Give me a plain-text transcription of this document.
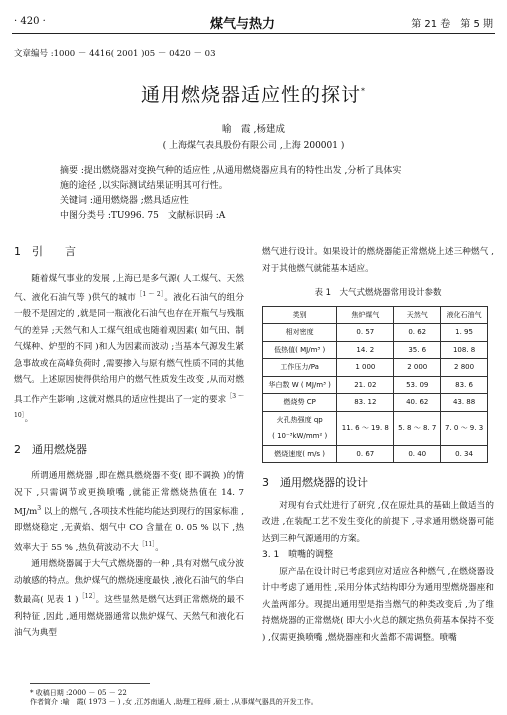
· 420 ·	煤气与热力	第 21 卷　第 5 期
文章编号 :1000 － 4416( 2001 )05 － 0420 － 03
通用燃烧器适应性的探讨*
喻　霞 ,杨建成
( 上海煤气表具股份有限公司 ,上海 200001 )

摘要 :提出燃烧器对变换气种的适应性 ,从通用燃烧器应具有的特性出发 ,分析了具体实

施的途径 ,以实际测试结果证明其可行性。

关键词 :通用燃烧器 ;燃具适应性

中图分类号 :TU996. 75　文献标识码 :A

1　引　　言

随着煤气事业的发展 ,上海已是多气源( 人工煤气、天然气、液化石油气等 )供气的城市$^{[1 \sim 2]}$。液化石油气的组分一般不是固定的 ,就是同一瓶液化石油气也存在开瓶气与残瓶气的差异 ;天然气和人工煤气组成也随着观因素( 如气田、制气煤种、炉型的不同 )和人为因素而波动 ;当基本气源发生紧急事故或在高峰负荷时 ,需要掺入与原有燃气性质不同的其他燃气。上述原因使得供给用户的燃气性质发生改变 ,从而对燃具工作产生影响 ,这就对燃具的适应性提出了一定的要求$^{[3 \sim 10]}$。

2　通用燃烧器

所谓通用燃烧器 ,即在燃具燃烧器不变( 即不调换 )的情况下 ,只需调节或更换喷嘴 ,就能正常燃烧热值在 14. 7 $MJ/m^3$ 以上的燃气 ,各项技术性能均能达到现行的国家标准 ,即燃烧稳定 ,无黄焰、烟气中 CO 含量在 0. 05 % 以下 ,热效率大于 55 % ,热负荷波动不大$^{[11]}$。

通用燃烧器属于大气式燃烧器的一种 ,具有对燃气成分波动敏感的特点。焦炉煤气的燃烧速度最快 ,液化石油气的华白数最高( 见表 1 )$^{[12]}$。这些显然是燃气达到正常燃烧的最不利特征 ,因此 ,通用燃烧器通常以焦炉煤气、天然气和液化石油气为典型

燃气进行设计。如果设计的燃烧器能正常燃烧上述三种燃气 ,对于其他燃气就能基本适应。

表 1　大气式燃烧器常用设计参数
类别	焦炉煤气	天然气	液化石油气
相对密度	0. 57	0. 62	1. 95
低热值( MJ/m³ )	14. 2	35. 6	108. 8
工作压力/Pa	1 000	2 000	2 800
华白数 W ( MJ/m³ )	21. 02	53. 09	83. 6
燃烧势 CP	83. 12	40. 62	43. 88
火孔热强度 qp
( 10⁻³kW/mm² )	11. 6 ～ 19. 8	5. 8 ～ 8. 7	7. 0 ～ 9. 3
燃烧速度( m/s )	0. 67	0. 40	0. 34
3　通用燃烧器的设计

对现有台式灶进行了研究 ,仅在原灶具的基础上做适当的改进 ,在装配工艺不发生变化的前提下 ,寻求通用燃烧器可能达到三种气源通用的方案。

3. 1　喷嘴的调整

原产品在设计时已考虑到应对适应各种燃气 ,在燃烧器设计中考虑了通用性 ,采用分体式结构即分为通用型燃烧器座和火盖两部分。现提出通用型是指当燃气的种类改变后 ,为了维持燃烧器的正常燃烧( 即大小火总的额定热负荷基本保持不变 ) ,仅需更换喷嘴 ,燃烧器座和火盖都不需调整。喷嘴

* 收稿日期 :2000 － 05 － 22
作者简介 :喻　霞( 1973 － ) ,女 ,江苏南通人 ,助理工程师 ,硕士 ,从事煤气器具的开发工作。
